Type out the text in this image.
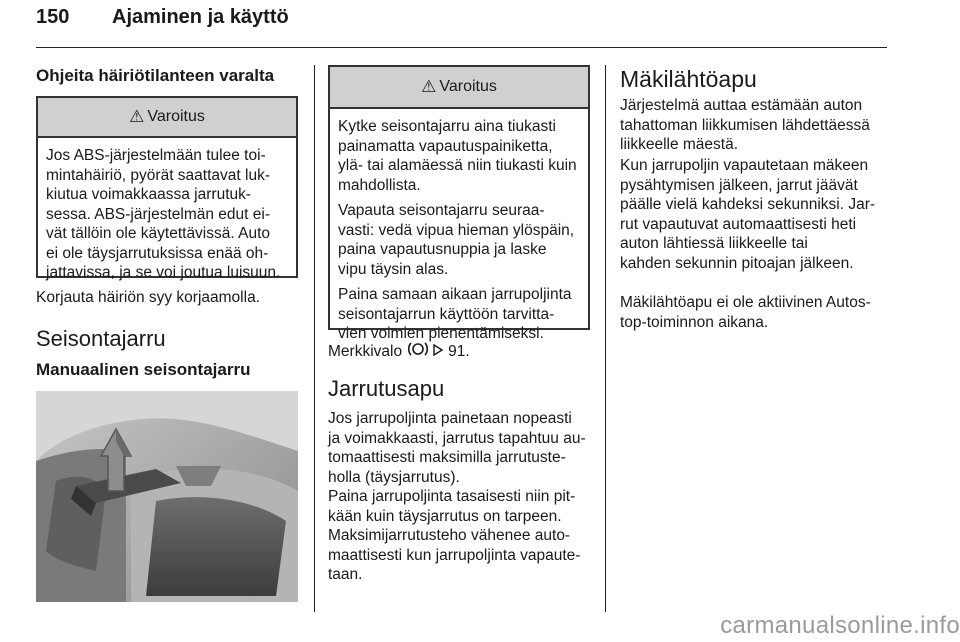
150 Ajaminen ja käyttö
Ohjeita häiriötilanteen varalta
⚠︎ Varoitus

Jos ABS-järjestelmään tulee toi-
mintahäiriö, pyörät saattavat luk-
kiutua voimakkaassa jarrutuk-
sessa. ABS-järjestelmän edut ei-
vät tällöin ole käytettävissä. Auto
ei ole täysjarrutuksissa enää oh-
jattavissa, ja se voi joutua luisuun.

Korjauta häiriön syy korjaamolla.
Seisontajarru
Manuaalinen seisontajarru
⚠︎ Varoitus

Kytke seisontajarru aina tiukasti
painamatta vapautuspainiketta,
ylä- tai alamäessä niin tiukasti kuin
mahdollista.

Vapauta seisontajarru seuraa-
vasti: vedä vipua hieman ylöspäin,
paina vapautusnuppia ja laske
vipu täysin alas.

Paina samaan aikaan jarrupoljinta
seisontajarrun käyttöön tarvitta-
vien voimien pienentämiseksi.

Merkkivalo	91.
Jarrutusapu

Jos jarrupoljinta painetaan nopeasti
ja voimakkaasti, jarrutus tapahtuu au-
tomaattisesti maksimilla jarrutuste-
holla (täysjarrutus).

Paina jarrupoljinta tasaisesti niin pit-
kään kuin täysjarrutus on tarpeen.
Maksimijarrutusteho vähenee auto-
maattisesti kun jarrupoljinta vapaute-
taan.

Mäkilähtöapu

Järjestelmä auttaa estämään auton
tahattoman liikkumisen lähdettäessä
liikkeelle mäestä.

Kun jarrupoljin vapautetaan mäkeen
pysähtymisen jälkeen, jarrut jäävät
päälle vielä kahdeksi sekunniksi. Jar-
rut vapautuvat automaattisesti heti
auton lähtiessä liikkeelle tai
kahden sekunnin pitoajan jälkeen.

Mäkilähtöapu ei ole aktiivinen Autos-
top-toiminnon aikana.

carmanualsonline.info
